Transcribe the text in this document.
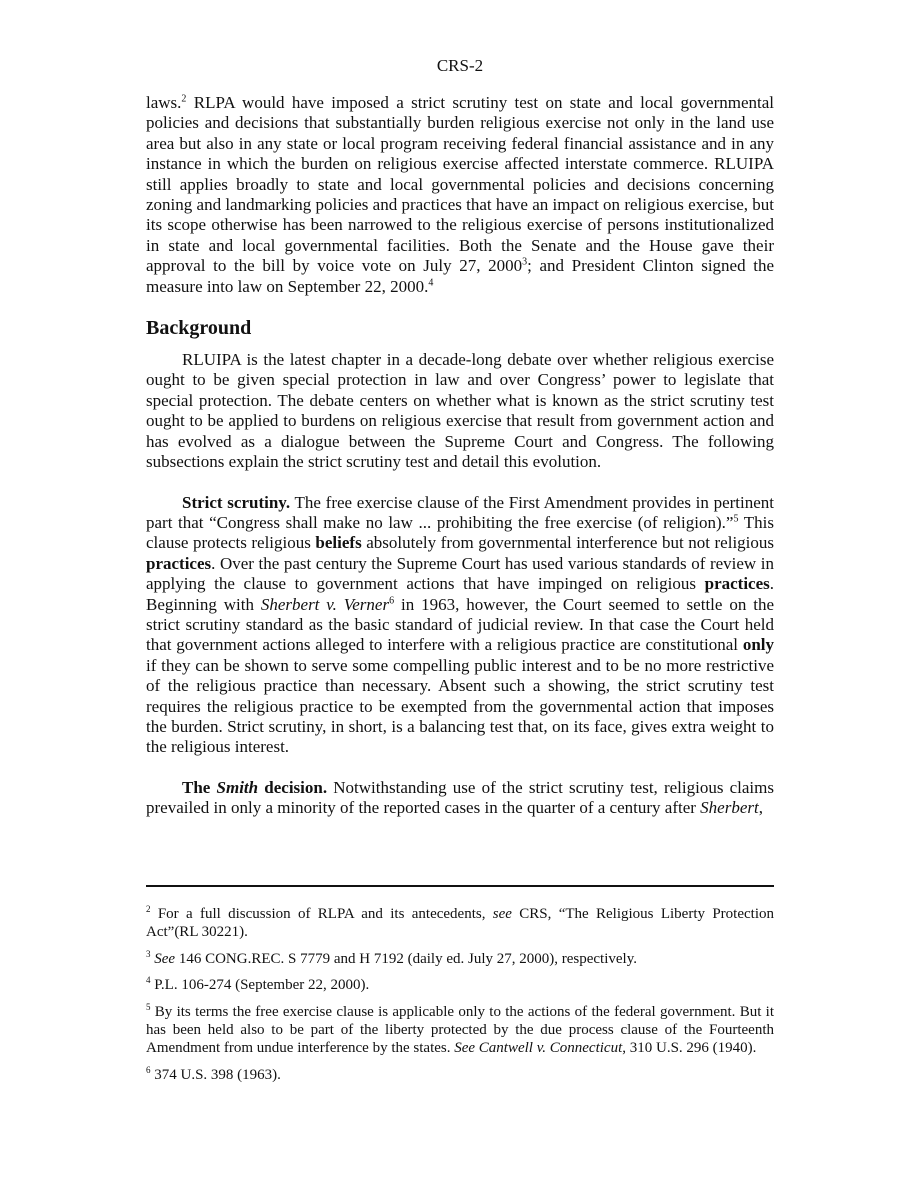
CRS-2

laws.$^2$ RLPA would have imposed a strict scrutiny test on state and local governmental policies and decisions that substantially burden religious exercise not only in the land use area but also in any state or local program receiving federal financial assistance and in any instance in which the burden on religious exercise affected interstate commerce. RLUIPA still applies broadly to state and local governmental policies and decisions concerning zoning and landmarking policies and practices that have an impact on religious exercise, but its scope otherwise has been narrowed to the religious exercise of persons institutionalized in state and local governmental facilities. Both the Senate and the House gave their approval to the bill by voice vote on July 27, 2000$^3$; and President Clinton signed the measure into law on September 22, 2000.$^4$

Background

RLUIPA is the latest chapter in a decade-long debate over whether religious exercise ought to be given special protection in law and over Congress’ power to legislate that special protection. The debate centers on whether what is known as the strict scrutiny test ought to be applied to burdens on religious exercise that result from government action and has evolved as a dialogue between the Supreme Court and Congress. The following subsections explain the strict scrutiny test and detail this evolution.

Strict scrutiny. The free exercise clause of the First Amendment provides in pertinent part that “Congress shall make no law ... prohibiting the free exercise (of religion).”$^5$ This clause protects religious beliefs absolutely from governmental interference but not religious practices. Over the past century the Supreme Court has used various standards of review in applying the clause to government actions that have impinged on religious practices. Beginning with Sherbert v. Verner$^6$ in 1963, however, the Court seemed to settle on the strict scrutiny standard as the basic standard of judicial review. In that case the Court held that government actions alleged to interfere with a religious practice are constitutional only if they can be shown to serve some compelling public interest and to be no more restrictive of the religious practice than necessary. Absent such a showing, the strict scrutiny test requires the religious practice to be exempted from the governmental action that imposes the burden. Strict scrutiny, in short, is a balancing test that, on its face, gives extra weight to the religious interest.

The Smith decision. Notwithstanding use of the strict scrutiny test, religious claims prevailed in only a minority of the reported cases in the quarter of a century after Sherbert,

$^2$ For a full discussion of RLPA and its antecedents, see CRS, “The Religious Liberty Protection Act”(RL 30221).

$^3$ See 146 CONG.REC. S 7779 and H 7192 (daily ed. July 27, 2000), respectively.

$^4$ P.L. 106-274 (September 22, 2000).

$^5$ By its terms the free exercise clause is applicable only to the actions of the federal government. But it has been held also to be part of the liberty protected by the due process clause of the Fourteenth Amendment from undue interference by the states. See Cantwell v. Connecticut, 310 U.S. 296 (1940).

$^6$ 374 U.S. 398 (1963).
